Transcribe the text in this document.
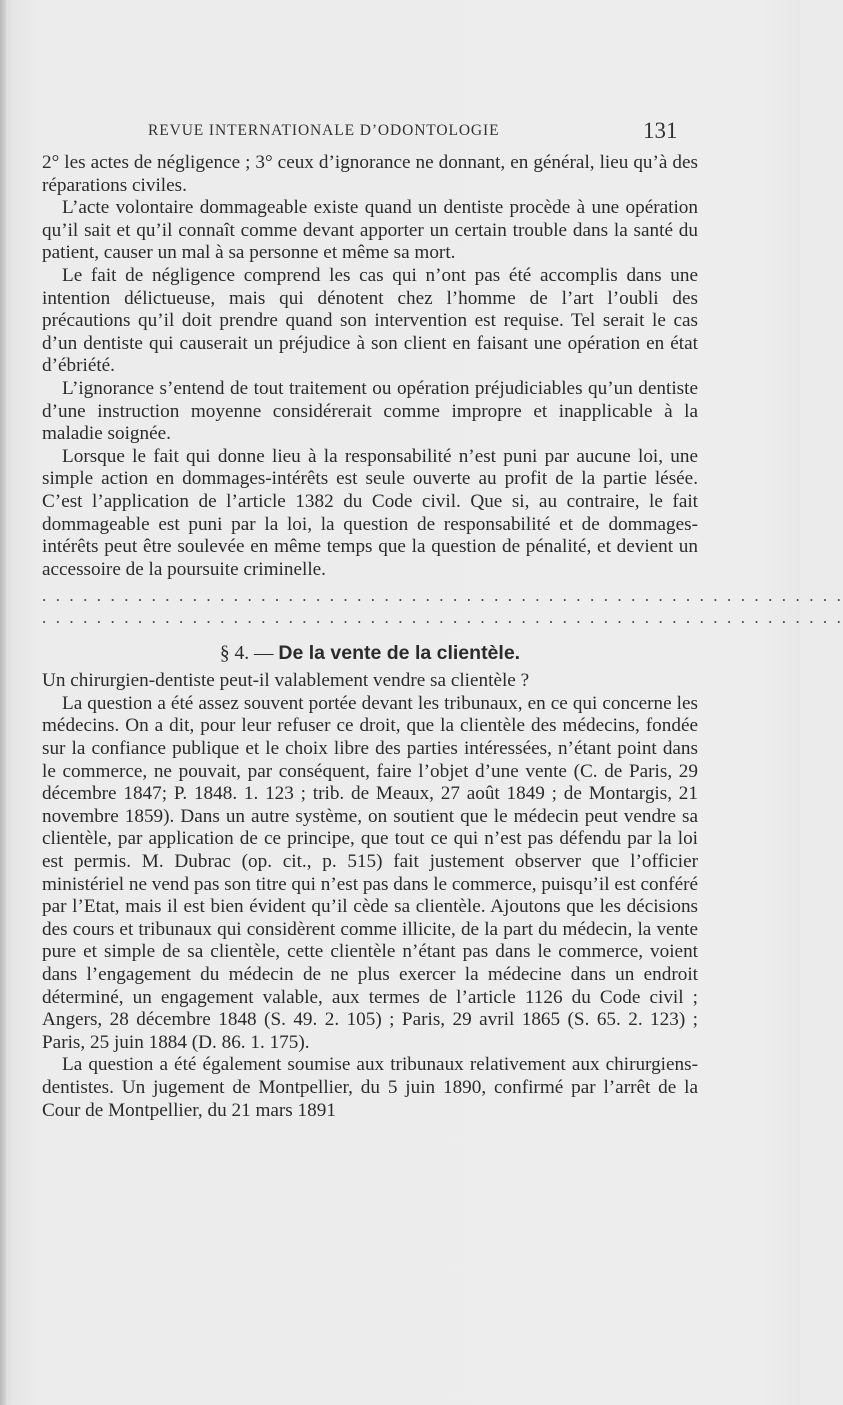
REVUE INTERNATIONALE D’ODONTOLOGIE	131

2° les actes de négligence ; 3° ceux d’ignorance ne donnant, en général, lieu qu’à des réparations civiles.

L’acte volontaire dommageable existe quand un dentiste procède à une opération qu’il sait et qu’il connaît comme devant apporter un certain trouble dans la santé du patient, causer un mal à sa personne et même sa mort.

Le fait de négligence comprend les cas qui n’ont pas été accomplis dans une intention délictueuse, mais qui dénotent chez l’homme de l’art l’oubli des précautions qu’il doit prendre quand son intervention est requise. Tel serait le cas d’un dentiste qui causerait un préjudice à son client en faisant une opération en état d’ébriété.

L’ignorance s’entend de tout traitement ou opération préjudiciables qu’un dentiste d’une instruction moyenne considérerait comme impropre et inapplicable à la maladie soignée.

Lorsque le fait qui donne lieu à la responsabilité n’est puni par aucune loi, une simple action en dommages-intérêts est seule ouverte au profit de la partie lésée. C’est l’application de l’article 1382 du Code civil. Que si, au contraire, le fait dommageable est puni par la loi, la question de responsabilité et de dommages-intérêts peut être soulevée en même temps que la question de pénalité, et devient un accessoire de la poursuite criminelle.

. . . . . . . . . . . . . . . . . . . . . . . . . . . . . . . . . . . . . . . . . . . . . . . . . . . . . . . . . . .
. . . . . . . . . . . . . . . . . . . . . . . . . . . . . . . . . . . . . . . . . . . . . . . . . . . . . . . . . . .
§ 4. — De la vente de la clientèle.

Un chirurgien-dentiste peut-il valablement vendre sa clientèle ?

La question a été assez souvent portée devant les tribunaux, en ce qui concerne les médecins. On a dit, pour leur refuser ce droit, que la clientèle des médecins, fondée sur la confiance publique et le choix libre des parties intéressées, n’étant point dans le commerce, ne pouvait, par conséquent, faire l’objet d’une vente (C. de Paris, 29 décembre 1847; P. 1848. 1. 123 ; trib. de Meaux, 27 août 1849 ; de Montargis, 21 novembre 1859). Dans un autre système, on soutient que le médecin peut vendre sa clientèle, par application de ce principe, que tout ce qui n’est pas défendu par la loi est permis. M. Dubrac (op. cit., p. 515) fait justement observer que l’officier ministériel ne vend pas son titre qui n’est pas dans le commerce, puisqu’il est conféré par l’Etat, mais il est bien évident qu’il cède sa clientèle. Ajoutons que les décisions des cours et tribunaux qui considèrent comme illicite, de la part du médecin, la vente pure et simple de sa clientèle, cette clientèle n’étant pas dans le commerce, voient dans l’engagement du médecin de ne plus exercer la médecine dans un endroit déterminé, un engagement valable, aux termes de l’article 1126 du Code civil ; Angers, 28 décembre 1848 (S. 49. 2. 105) ; Paris, 29 avril 1865 (S. 65. 2. 123) ; Paris, 25 juin 1884 (D. 86. 1. 175).

La question a été également soumise aux tribunaux relativement aux chirurgiens-dentistes. Un jugement de Montpellier, du 5 juin 1890, confirmé par l’arrêt de la Cour de Montpellier, du 21 mars 1891
